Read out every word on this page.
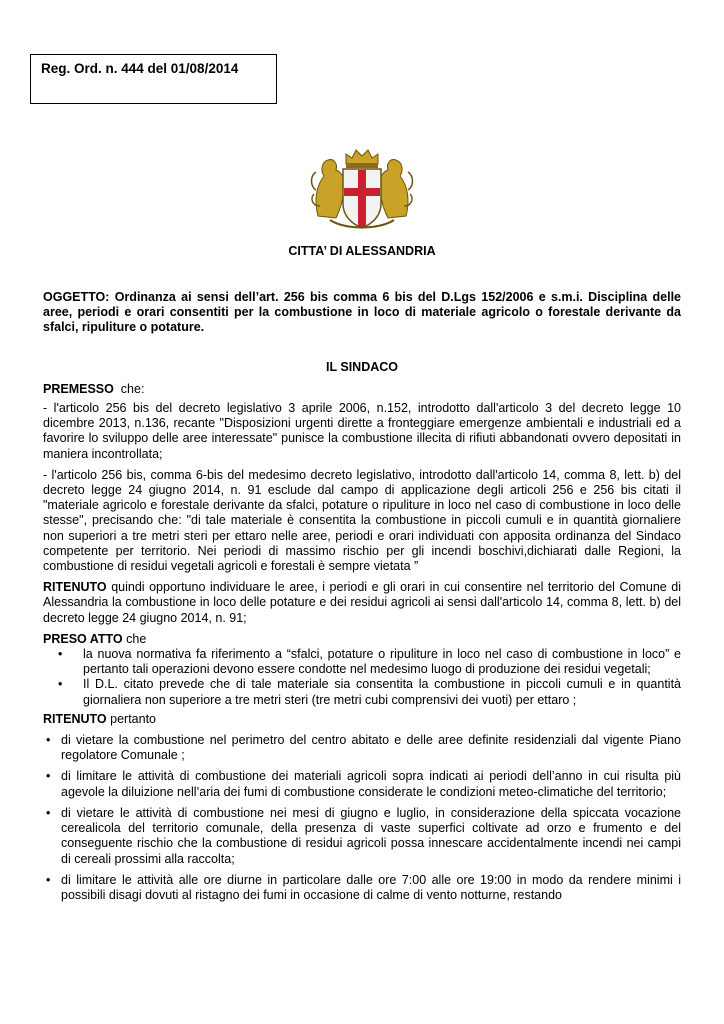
Reg. Ord. n. 444 del 01/08/2014
CITTA’ DI ALESSANDRIA

OGGETTO: Ordinanza ai sensi dell’art. 256 bis comma 6 bis del D.Lgs 152/2006 e s.m.i. Disciplina delle aree, periodi e orari consentiti per la combustione in loco di materiale agricolo o forestale derivante da sfalci, ripuliture o potature.

IL SINDACO

PREMESSO  che:

- l'articolo 256 bis del decreto legislativo 3 aprile 2006, n.152, introdotto dall'articolo 3 del decreto legge 10 dicembre 2013, n.136, recante "Disposizioni urgenti dirette a fronteggiare emergenze ambientali e industriali ed a favorire lo sviluppo delle aree interessate" punisce la combustione illecita di rifiuti abbandonati ovvero depositati in maniera incontrollata;

- l'articolo 256 bis, comma 6-bis del medesimo decreto legislativo, introdotto dall'articolo 14, comma 8, lett. b) del decreto legge 24 giugno 2014, n. 91 esclude dal campo di applicazione degli articoli 256 e 256 bis citati il "materiale agricolo e forestale derivante da sfalci, potature o ripuliture in loco nel caso di combustione in loco delle stesse", precisando che: "di tale materiale è consentita la combustione in piccoli cumuli e in quantità giornaliere non superiori a tre metri steri per ettaro nelle aree, periodi e orari individuati con apposita ordinanza del Sindaco competente per territorio. Nei periodi di massimo rischio per gli incendi boschivi,dichiarati dalle Regioni, la combustione di residui vegetali agricoli e forestali è sempre vietata ”

RITENUTO quindi opportuno individuare le aree, i periodi e gli orari in cui consentire nel territorio del Comune di Alessandria la combustione in loco delle potature e dei residui agricoli ai sensi dall'articolo 14, comma 8, lett. b) del decreto legge 24 giugno 2014, n. 91;

PRESO ATTO che

• la nuova normativa fa riferimento a “sfalci, potature o ripuliture in loco nel caso di combustione in loco” e pertanto tali operazioni devono essere condotte nel medesimo luogo di produzione dei residui vegetali;
• Il D.L. citato prevede che di tale materiale sia consentita la combustione in piccoli cumuli e in quantità giornaliera non superiore a tre metri steri (tre metri cubi comprensivi dei vuoti) per ettaro ;

RITENUTO pertanto

• di vietare la combustione nel perimetro del centro abitato e delle aree definite residenziali dal vigente Piano regolatore Comunale ;
• di limitare le attività di combustione dei materiali agricoli sopra indicati ai periodi dell’anno in cui risulta più agevole la diluizione nell’aria dei fumi di combustione considerate le condizioni meteo-climatiche del territorio;
• di vietare le attività di combustione nei mesi di giugno e luglio, in considerazione della spiccata vocazione cerealicola del territorio comunale, della presenza di vaste superfici coltivate ad orzo e frumento e del conseguente rischio che la combustione di residui agricoli possa innescare accidentalmente incendi nei campi di cereali prossimi alla raccolta;
• di limitare le attività alle ore diurne in particolare dalle ore 7:00 alle ore 19:00 in modo da rendere minimi i possibili disagi dovuti al ristagno dei fumi in occasione di calme di vento notturne, restando
